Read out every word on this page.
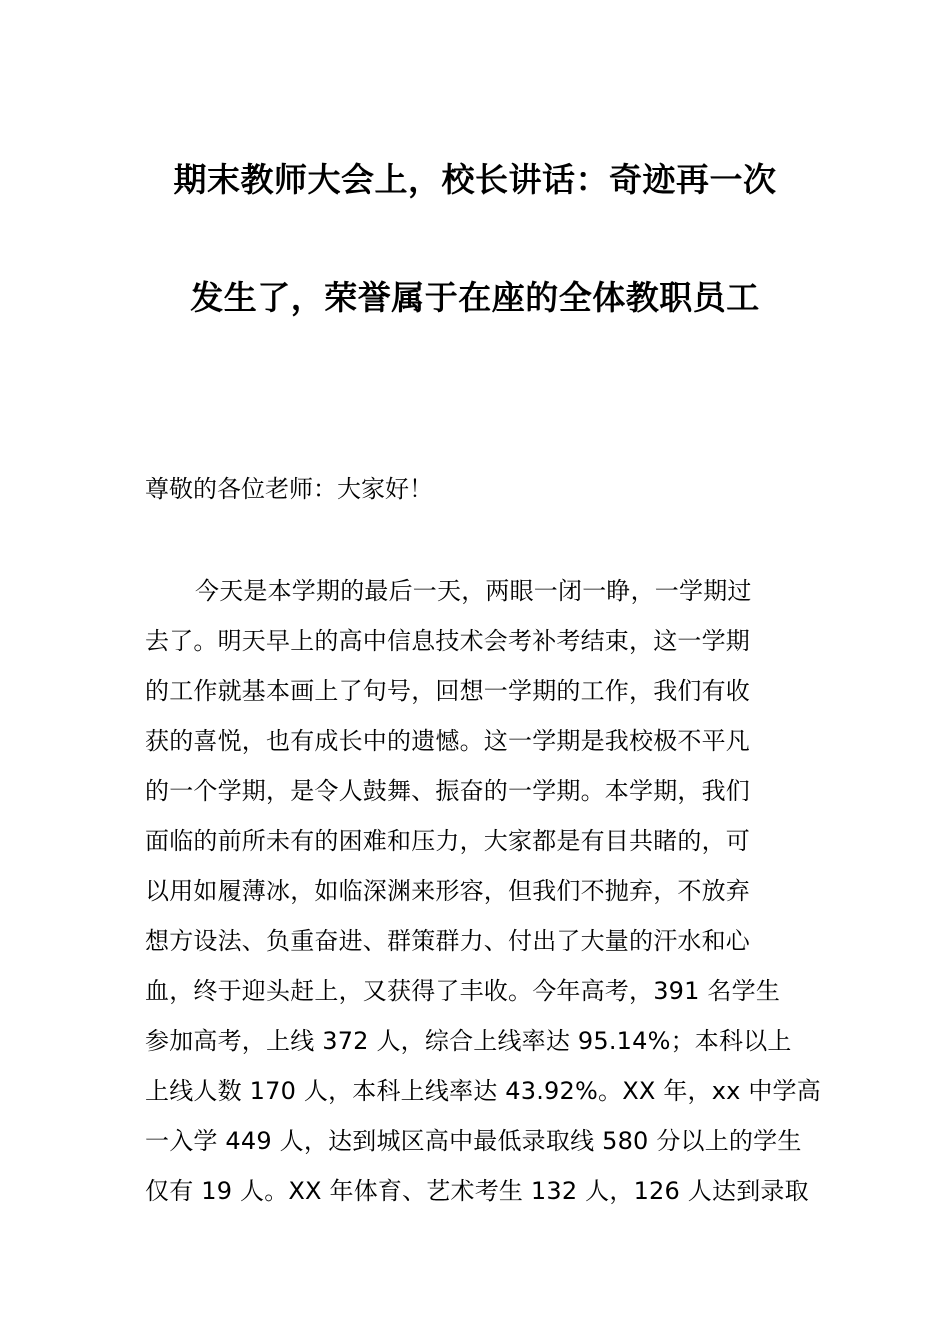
期末教师大会上，校长讲话：奇迹再一次
发生了，荣誉属于在座的全体教职员工
尊敬的各位老师：大家好！
今天是本学期的最后一天，两眼一闭一睁，一学期过
去了。明天早上的高中信息技术会考补考结束，这一学期
的工作就基本画上了句号，回想一学期的工作，我们有收
获的喜悦，也有成长中的遗憾。这一学期是我校极不平凡
的一个学期，是令人鼓舞、振奋的一学期。本学期，我们
面临的前所未有的困难和压力，大家都是有目共睹的，可
以用如履薄冰，如临深渊来形容，但我们不抛弃，不放弃
想方设法、负重奋进、群策群力、付出了大量的汗水和心
血，终于迎头赶上，又获得了丰收。今年高考，391 名学生
参加高考，上线 372 人，综合上线率达 95.14%；本科以上
上线人数 170 人，本科上线率达 43.92%。XX 年，xx 中学高
一入学 449 人，达到城区高中最低录取线 580 分以上的学生
仅有 19 人。XX 年体育、艺术考生 132 人，126 人达到录取
